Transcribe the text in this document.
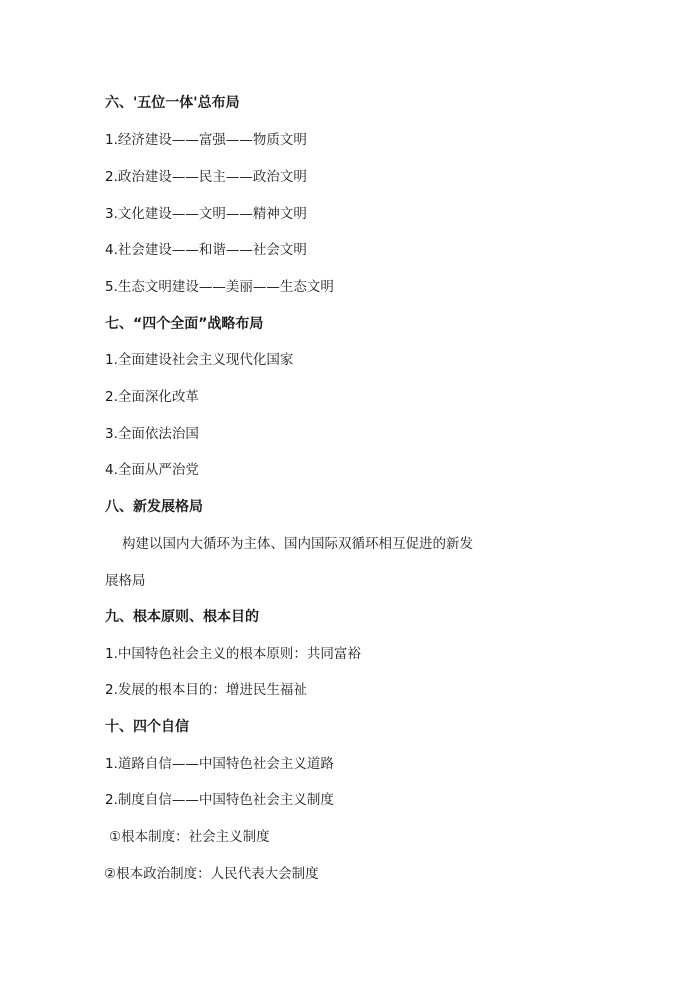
六、'五位一体'总布局
1.经济建设——富强——物质文明
2.政治建设——民主——政治文明
3.文化建设——文明——精神文明
4.社会建设——和谐——社会文明
5.生态文明建设——美丽——生态文明
七、“四个全面”战略布局
1.全面建设社会主义现代化国家
2.全面深化改革
3.全面依法治国
4.全面从严治党
八、新发展格局
构建以国内大循环为主体、国内国际双循环相互促进的新发
展格局
九、根本原则、根本目的
1.中国特色社会主义的根本原则：共同富裕
2.发展的根本目的：增进民生福祉
十、四个自信
1.道路自信——中国特色社会主义道路
2.制度自信——中国特色社会主义制度
①根本制度：社会主义制度
②根本政治制度：人民代表大会制度
